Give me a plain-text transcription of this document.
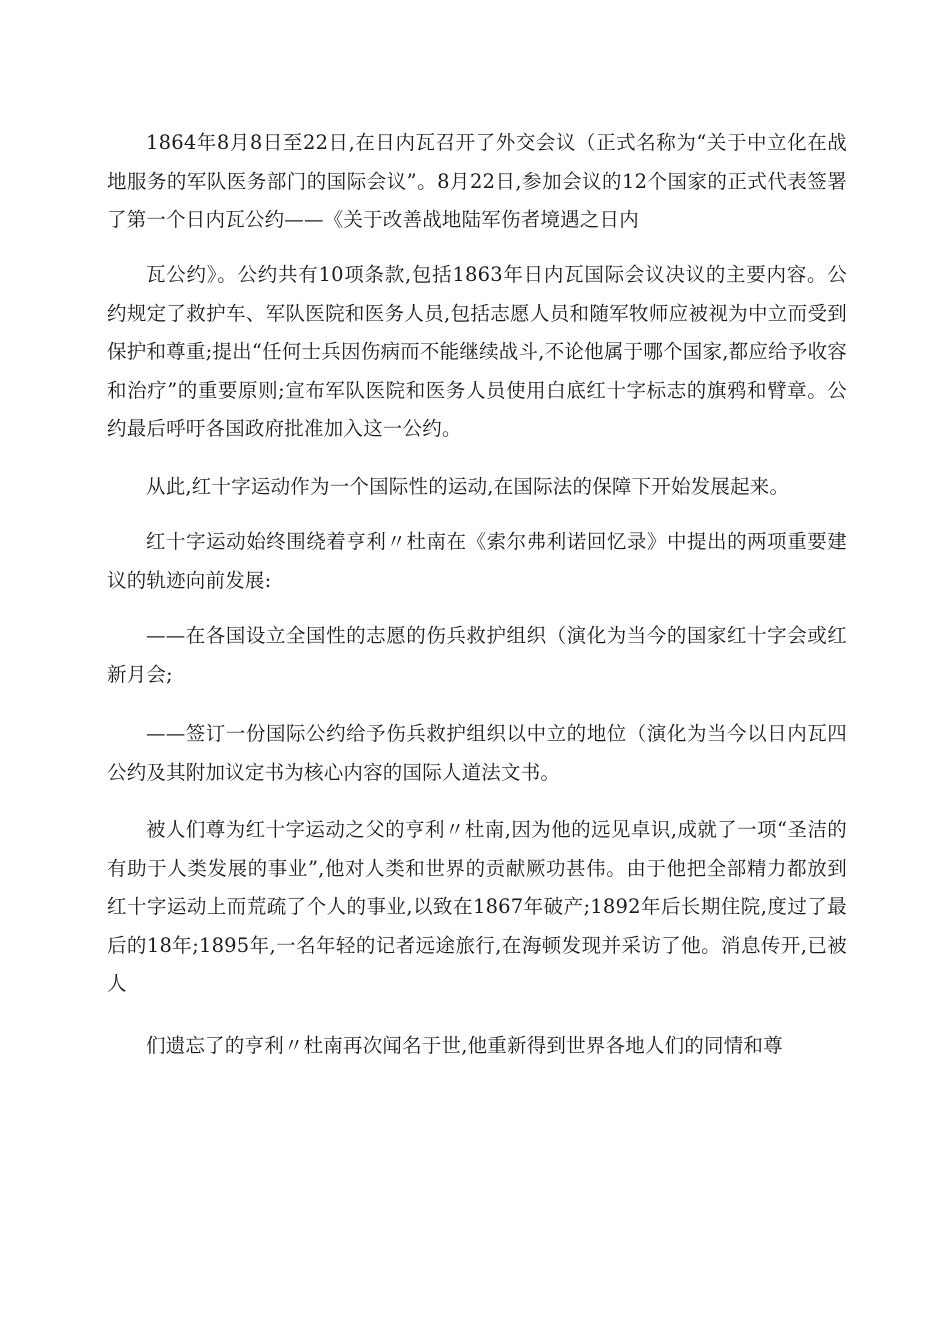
1864年8月8日至22日,在日内瓦召开了外交会议（正式名称为“关于中立化在战地服务的军队医务部门的国际会议”。8月22日,参加会议的12个国家的正式代表签署了第一个日内瓦公约——《关于改善战地陆军伤者境遇之日内

瓦公约》。公约共有10项条款,包括1863年日内瓦国际会议决议的主要内容。公约规定了救护车、军队医院和医务人员,包括志愿人员和随军牧师应被视为中立而受到保护和尊重;提出“任何士兵因伤病而不能继续战斗,不论他属于哪个国家,都应给予收容和治疗”的重要原则;宣布军队医院和医务人员使用白底红十字标志的旗鸦和臂章。公约最后呼吁各国政府批准加入这一公约。

从此,红十字运动作为一个国际性的运动,在国际法的保障下开始发展起来。

红十字运动始终围绕着亨利〃杜南在《索尔弗利诺回忆录》中提出的两项重要建议的轨迹向前发展:

——在各国设立全国性的志愿的伤兵救护组织（演化为当今的国家红十字会或红新月会;

——签订一份国际公约给予伤兵救护组织以中立的地位（演化为当今以日内瓦四公约及其附加议定书为核心内容的国际人道法文书。

被人们尊为红十字运动之父的亨利〃杜南,因为他的远见卓识,成就了一项“圣洁的有助于人类发展的事业”,他对人类和世界的贡献厥功甚伟。由于他把全部精力都放到红十字运动上而荒疏了个人的事业,以致在1867年破产;1892年后长期住院,度过了最后的18年;1895年,一名年轻的记者远途旅行,在海顿发现并采访了他。消息传开,已被人

们遗忘了的亨利〃杜南再次闻名于世,他重新得到世界各地人们的同情和尊
